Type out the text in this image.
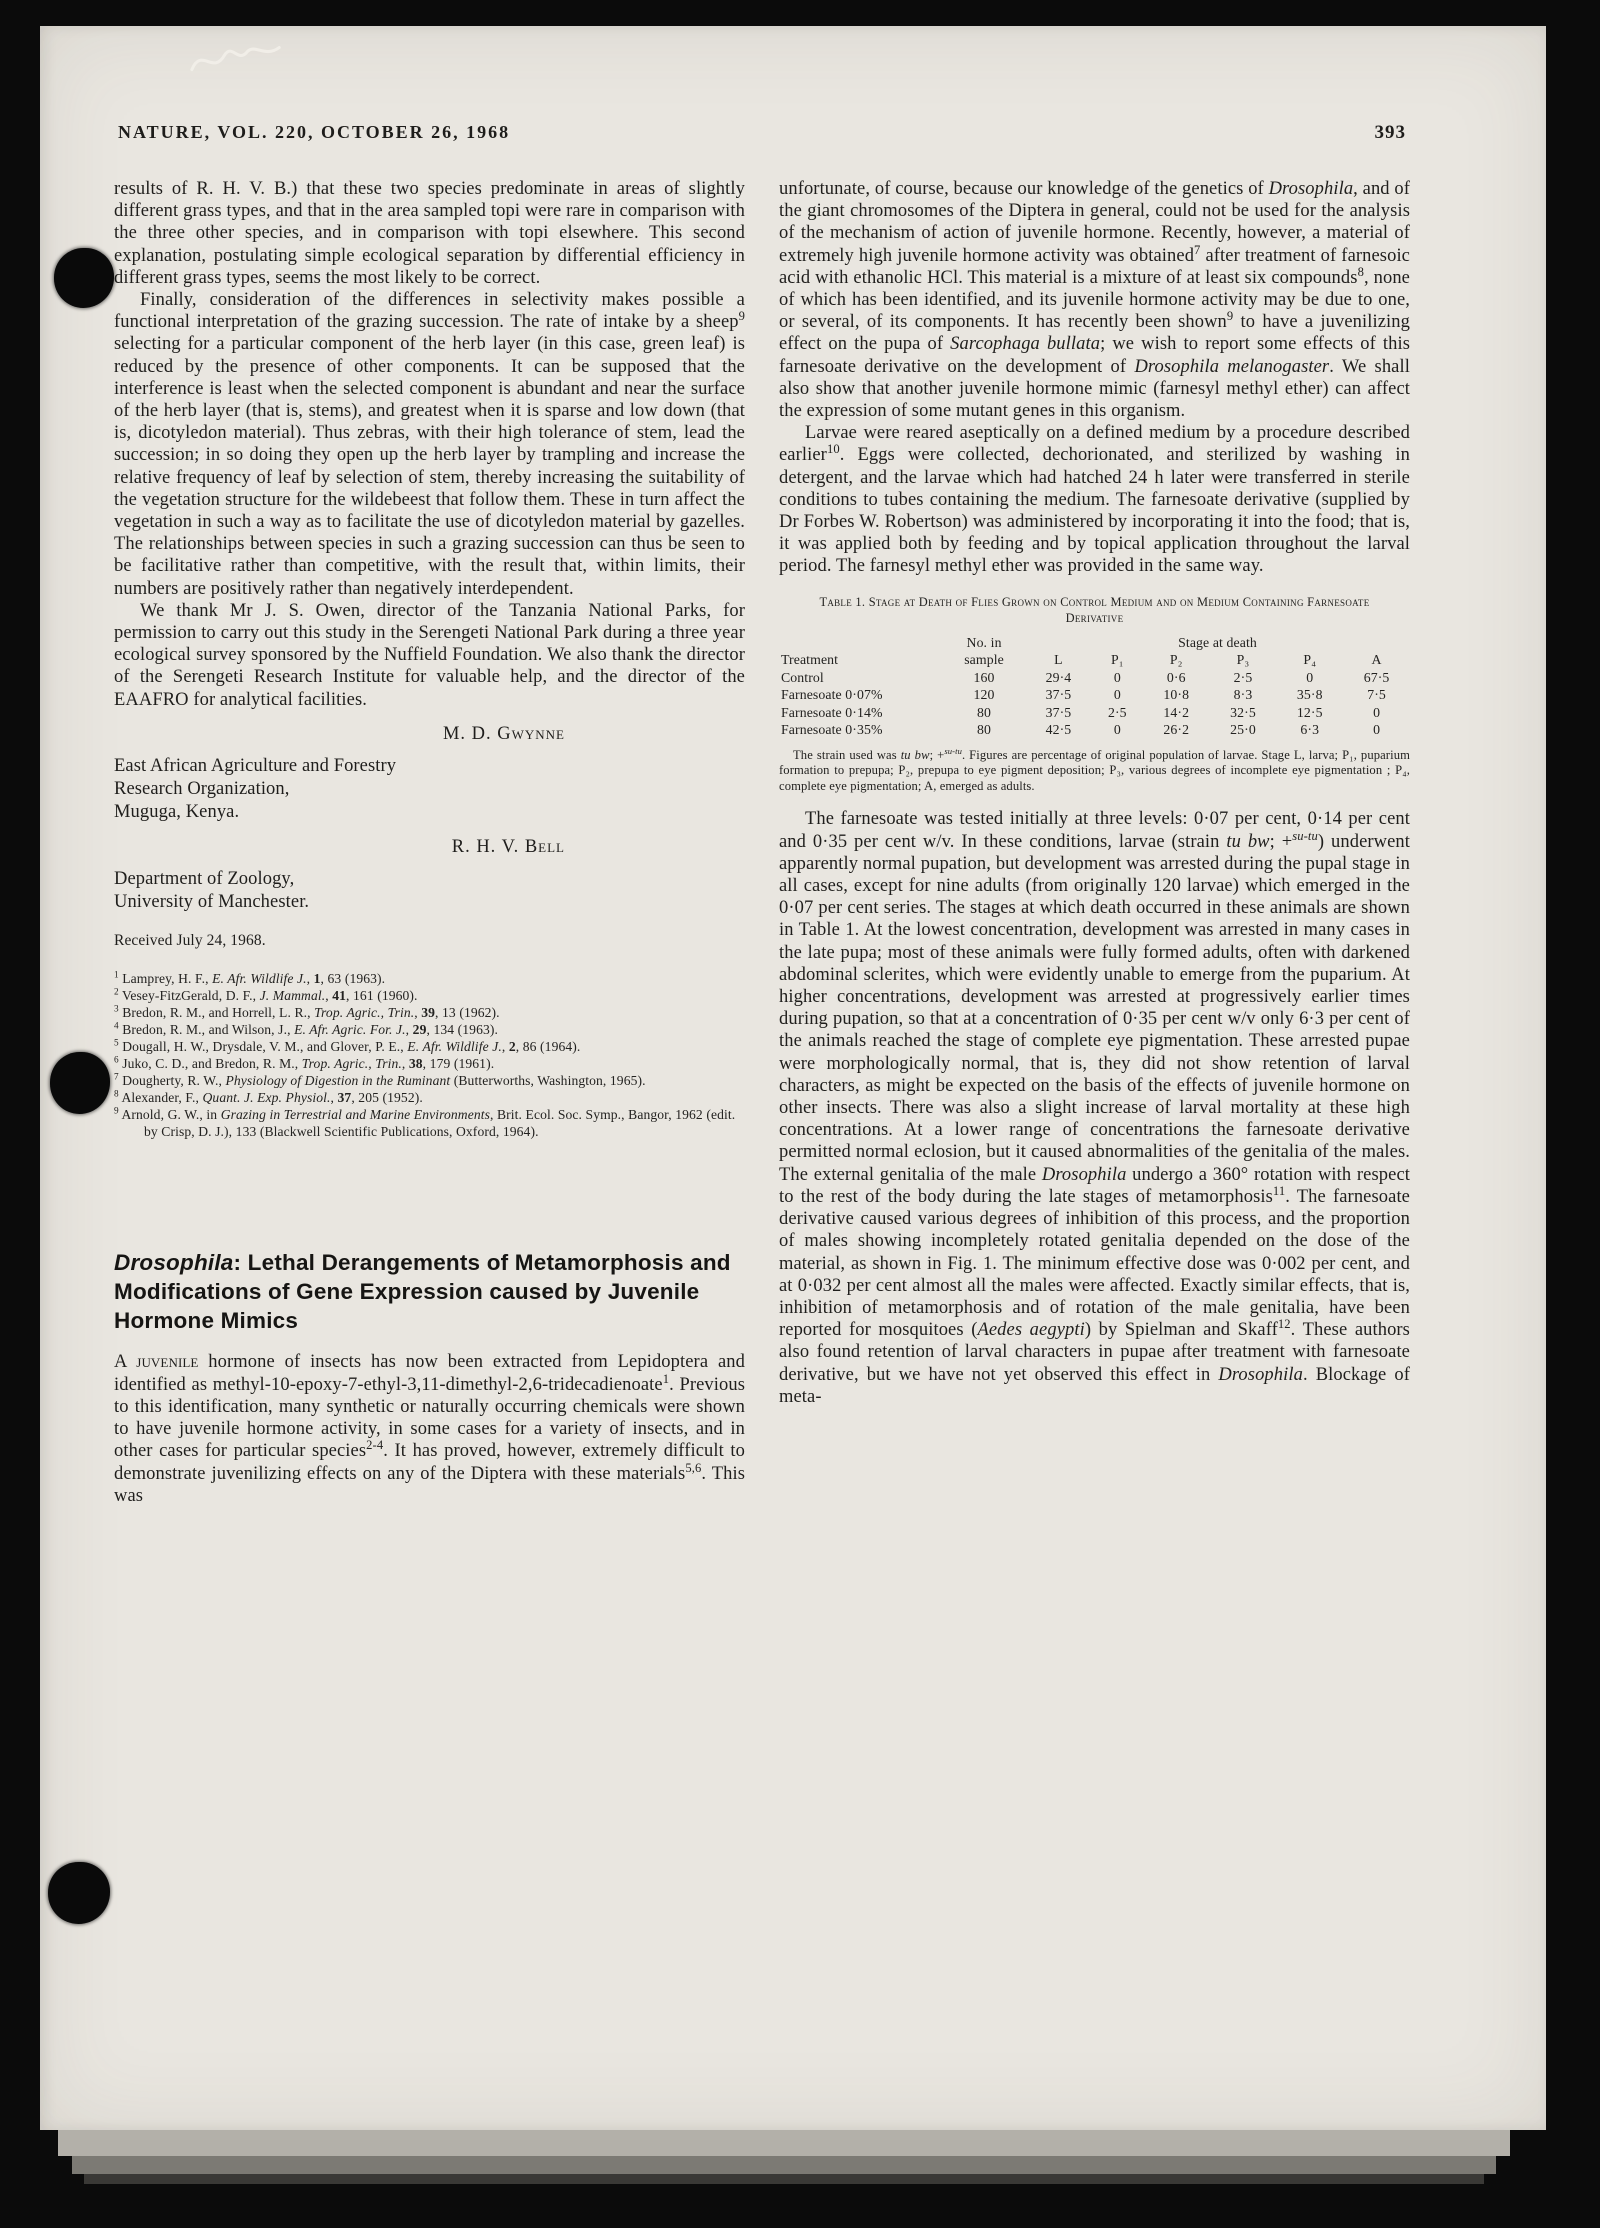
NATURE, VOL. 220, OCTOBER 26, 1968	393

results of R. H. V. B.) that these two species predominate in areas of slightly different grass types, and that in the area sampled topi were rare in comparison with the three other species, and in comparison with topi elsewhere. This second explanation, postulating simple ecological separation by differential efficiency in different grass types, seems the most likely to be correct.

Finally, consideration of the differences in selectivity makes possible a functional interpretation of the grazing succession. The rate of intake by a sheep$^9$ selecting for a particular component of the herb layer (in this case, green leaf) is reduced by the presence of other components. It can be supposed that the interference is least when the selected component is abundant and near the surface of the herb layer (that is, stems), and greatest when it is sparse and low down (that is, dicotyledon material). Thus zebras, with their high tolerance of stem, lead the succession; in so doing they open up the herb layer by trampling and increase the relative frequency of leaf by selection of stem, thereby increasing the suitability of the vegetation structure for the wildebeest that follow them. These in turn affect the vegetation in such a way as to facilitate the use of dicotyledon material by gazelles. The relationships between species in such a grazing succession can thus be seen to be facilitative rather than competitive, with the result that, within limits, their numbers are positively rather than negatively interdependent.

We thank Mr J. S. Owen, director of the Tanzania National Parks, for permission to carry out this study in the Serengeti National Park during a three year ecological survey sponsored by the Nuffield Foundation. We also thank the director of the Serengeti Research Institute for valuable help, and the director of the EAAFRO for analytical facilities.

M. D. Gwynne
East African Agriculture and Forestry
Research Organization,
Muguga, Kenya.
R. H. V. Bell
Department of Zoology,
University of Manchester.
Received July 24, 1968.

$^1$ Lamprey, H. F., E. Afr. Wildlife J., 1, 63 (1963).

$^2$ Vesey-FitzGerald, D. F., J. Mammal., 41, 161 (1960).

$^3$ Bredon, R. M., and Horrell, L. R., Trop. Agric., Trin., 39, 13 (1962).

$^4$ Bredon, R. M., and Wilson, J., E. Afr. Agric. For. J., 29, 134 (1963).

$^5$ Dougall, H. W., Drysdale, V. M., and Glover, P. E., E. Afr. Wildlife J., 2, 86 (1964).

$^6$ Juko, C. D., and Bredon, R. M., Trop. Agric., Trin., 38, 179 (1961).

$^7$ Dougherty, R. W., Physiology of Digestion in the Ruminant (Butterworths, Washington, 1965).

$^8$ Alexander, F., Quant. J. Exp. Physiol., 37, 205 (1952).

$^9$ Arnold, G. W., in Grazing in Terrestrial and Marine Environments, Brit. Ecol. Soc. Symp., Bangor, 1962 (edit. by Crisp, D. J.), 133 (Blackwell Scientific Publications, Oxford, 1964).

Drosophila: Lethal Derangements of Metamorphosis and Modifications of Gene Expression caused by Juvenile Hormone Mimics

A juvenile hormone of insects has now been extracted from Lepidoptera and identified as methyl-10-epoxy-7-ethyl-3,11-dimethyl-2,6-tridecadienoate$^1$. Previous to this identification, many synthetic or naturally occurring chemicals were shown to have juvenile hormone activity, in some cases for a variety of insects, and in other cases for particular species$^{2-4}$. It has proved, however, extremely difficult to demonstrate juvenilizing effects on any of the Diptera with these materials$^{5,6}$. This was

unfortunate, of course, because our knowledge of the genetics of Drosophila, and of the giant chromosomes of the Diptera in general, could not be used for the analysis of the mechanism of action of juvenile hormone. Recently, however, a material of extremely high juvenile hormone activity was obtained$^7$ after treatment of farnesoic acid with ethanolic HCl. This material is a mixture of at least six compounds$^8$, none of which has been identified, and its juvenile hormone activity may be due to one, or several, of its components. It has recently been shown$^9$ to have a juvenilizing effect on the pupa of Sarcophaga bullata; we wish to report some effects of this farnesoate derivative on the development of Drosophila melanogaster. We shall also show that another juvenile hormone mimic (farnesyl methyl ether) can affect the expression of some mutant genes in this organism.

Larvae were reared aseptically on a defined medium by a procedure described earlier$^{10}$. Eggs were collected, dechorionated, and sterilized by washing in detergent, and the larvae which had hatched 24 h later were transferred in sterile conditions to tubes containing the medium. The farnesoate derivative (supplied by Dr Forbes W. Robertson) was administered by incorporating it into the food; that is, it was applied both by feeding and by topical application throughout the larval period. The farnesyl methyl ether was provided in the same way.

Table 1. Stage at Death of Flies Grown on Control Medium and on Medium Containing Farnesoate Derivative
	No. in	Stage at death					
Treatment	sample	L	P₁	P₂	P₃	P₄	A
Control	160	29·4	0	0·6	2·5	0	67·5
Farnesoate 0·07%	120	37·5	0	10·8	8·3	35·8	7·5
Farnesoate 0·14%	80	37·5	2·5	14·2	32·5	12·5	0
Farnesoate 0·35%	80	42·5	0	26·2	25·0	6·3	0

The strain used was tu bw; +$^{su-tu}$. Figures are percentage of original population of larvae. Stage L, larva; P₁, puparium formation to prepupa; P₂, prepupa to eye pigment deposition; P₃, various degrees of incomplete eye pigmentation ; P₄, complete eye pigmentation; A, emerged as adults.

The farnesoate was tested initially at three levels: 0·07 per cent, 0·14 per cent and 0·35 per cent w/v. In these conditions, larvae (strain tu bw; +$^{su-tu}$) underwent apparently normal pupation, but development was arrested during the pupal stage in all cases, except for nine adults (from originally 120 larvae) which emerged in the 0·07 per cent series. The stages at which death occurred in these animals are shown in Table 1. At the lowest concentration, development was arrested in many cases in the late pupa; most of these animals were fully formed adults, often with darkened abdominal sclerites, which were evidently unable to emerge from the puparium. At higher concentrations, development was arrested at progressively earlier times during pupation, so that at a concentration of 0·35 per cent w/v only 6·3 per cent of the animals reached the stage of complete eye pigmentation. These arrested pupae were morphologically normal, that is, they did not show retention of larval characters, as might be expected on the basis of the effects of juvenile hormone on other insects. There was also a slight increase of larval mortality at these high concentrations. At a lower range of concentrations the farnesoate derivative permitted normal eclosion, but it caused abnormalities of the genitalia of the males. The external genitalia of the male Drosophila undergo a 360° rotation with respect to the rest of the body during the late stages of metamorphosis$^{11}$. The farnesoate derivative caused various degrees of inhibition of this process, and the proportion of males showing incompletely rotated genitalia depended on the dose of the material, as shown in Fig. 1. The minimum effective dose was 0·002 per cent, and at 0·032 per cent almost all the males were affected. Exactly similar effects, that is, inhibition of metamorphosis and of rotation of the male genitalia, have been reported for mosquitoes (Aedes aegypti) by Spielman and Skaff$^{12}$. These authors also found retention of larval characters in pupae after treatment with farnesoate derivative, but we have not yet observed this effect in Drosophila. Blockage of meta-
